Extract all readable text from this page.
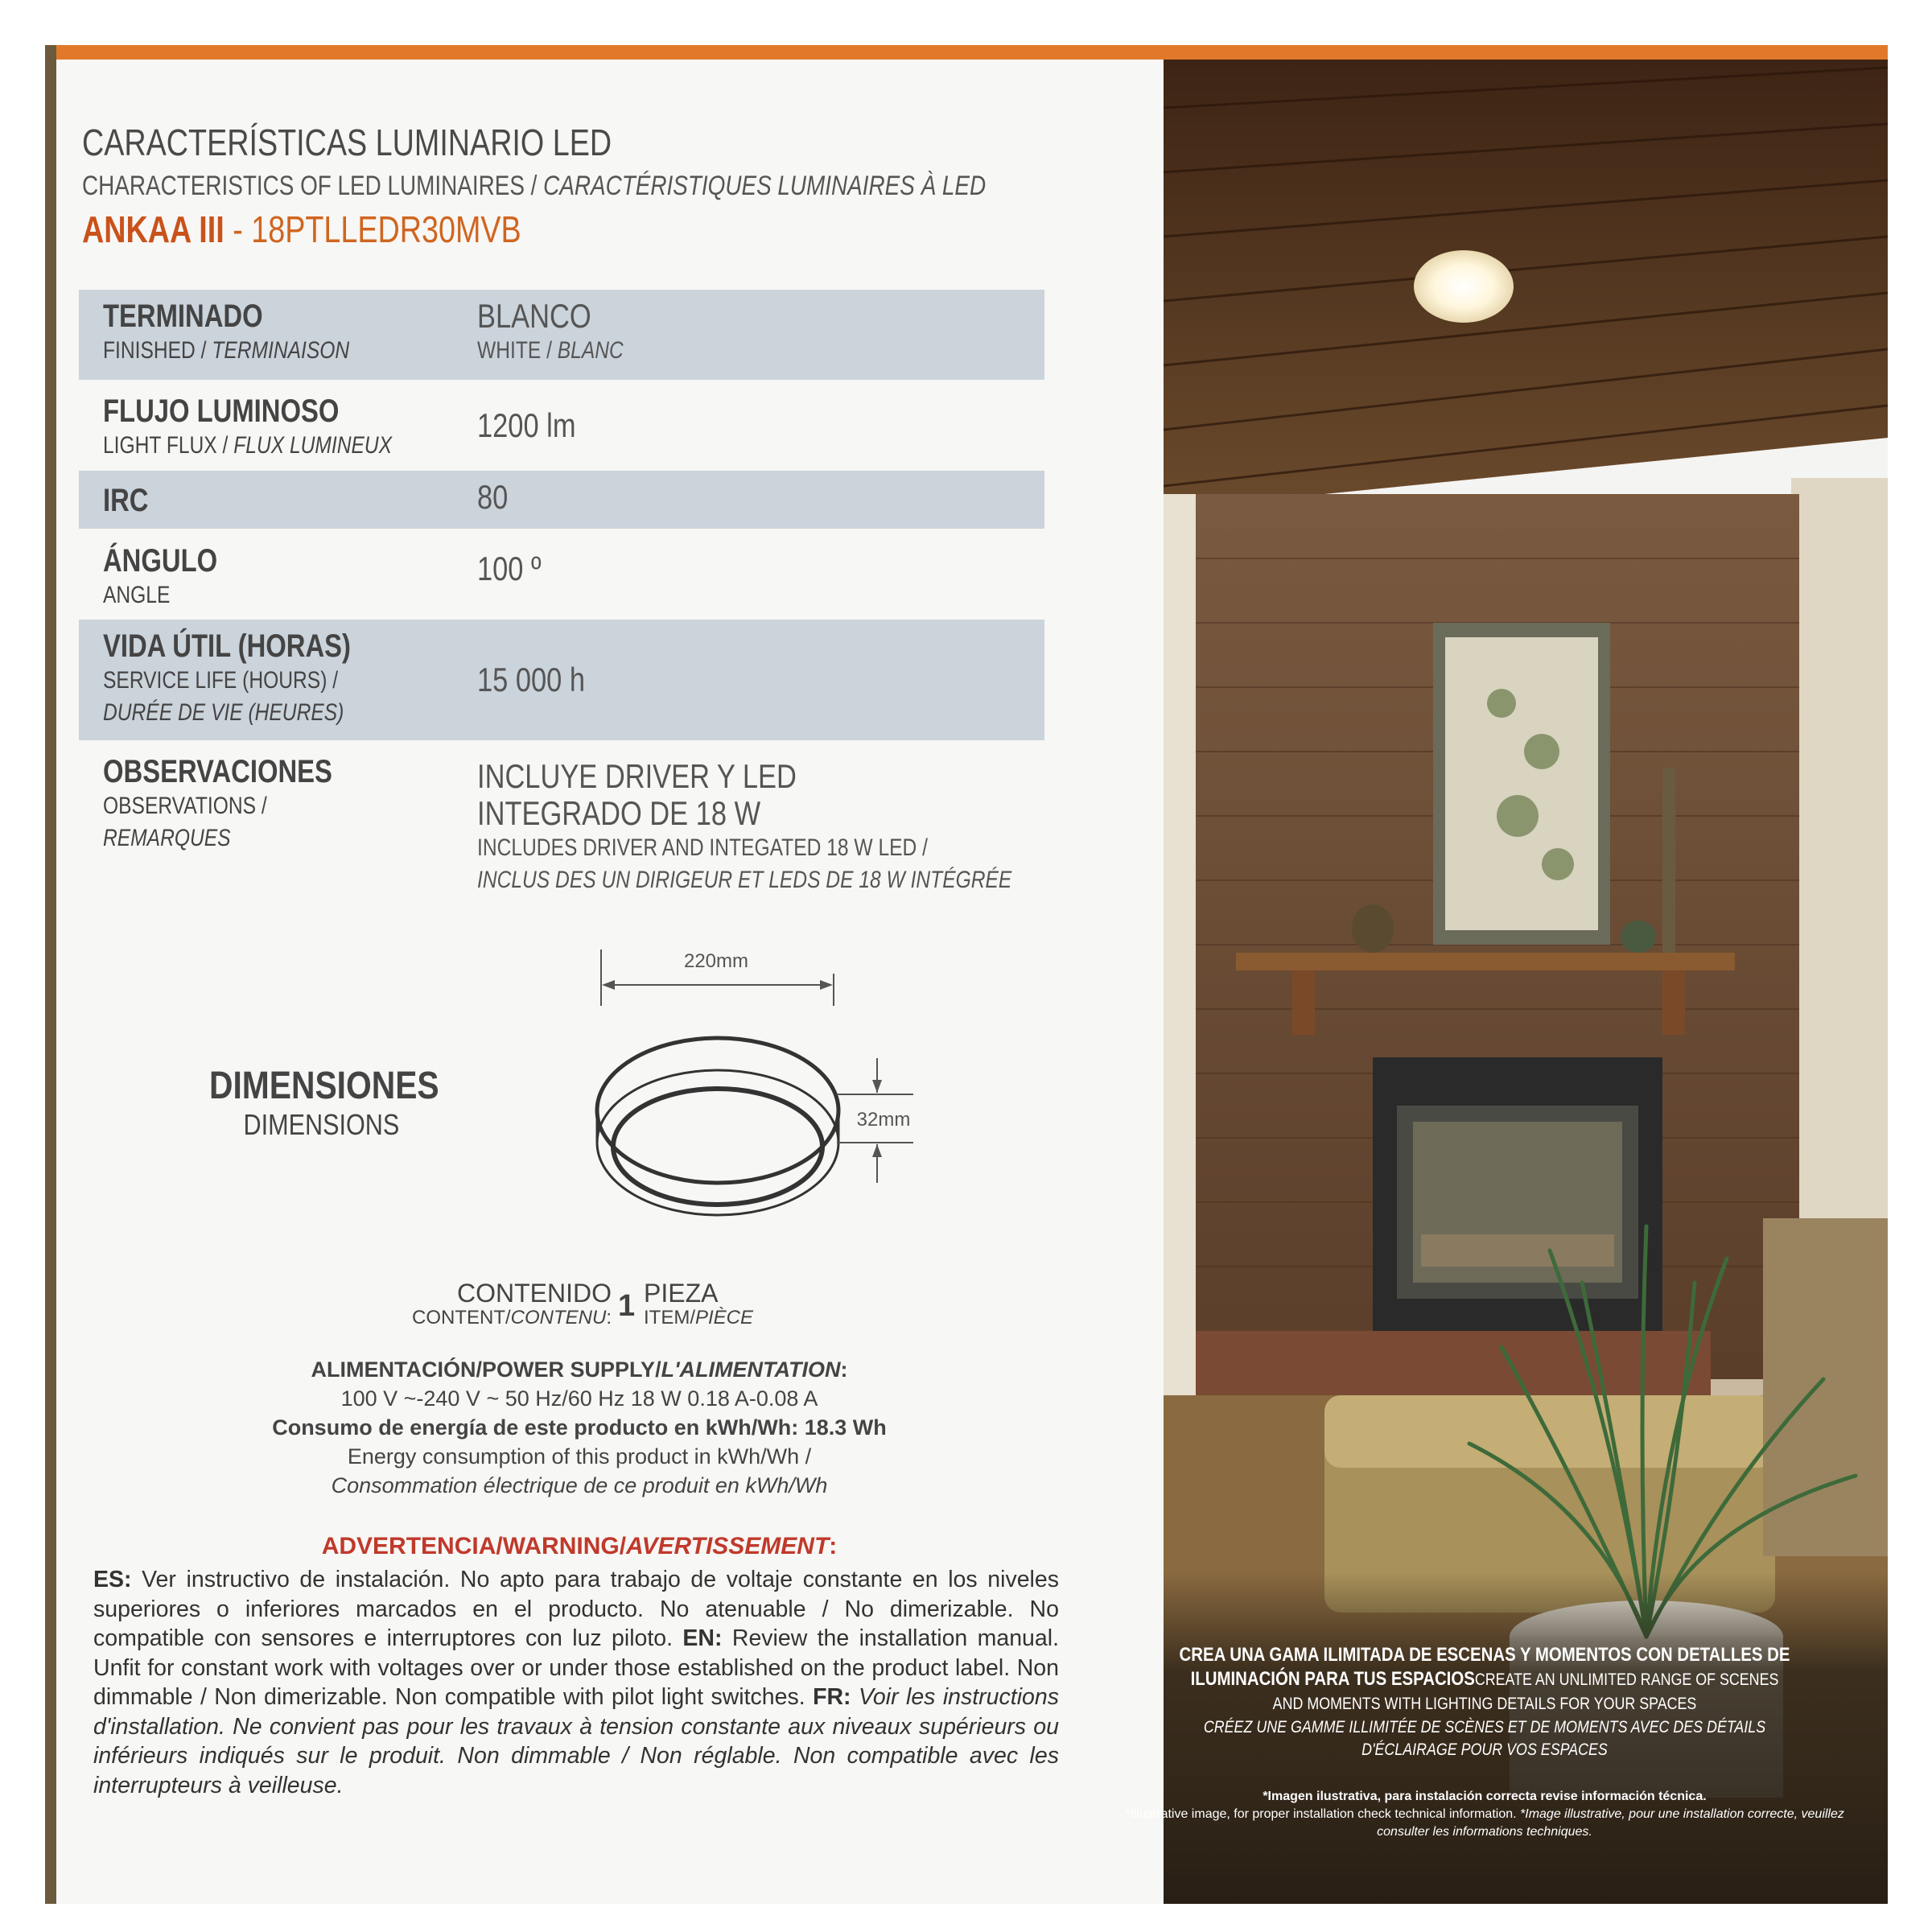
CARACTERÍSTICAS LUMINARIO LED
CHARACTERISTICS OF LED LUMINAIRES / CARACTÉRISTIQUES LUMINAIRES À LED
ANKAA III - 18PTLLEDR30MVB
TERMINADO
FINISHED / TERMINAISON
BLANCO
WHITE / BLANC
FLUJO LUMINOSO
LIGHT FLUX / FLUX LUMINEUX
1200 lm
IRC	80
ÁNGULO
ANGLE
100 º
VIDA ÚTIL (HORAS)
SERVICE LIFE (HOURS) /
DURÉE DE VIE (HEURES)
15 000 h
OBSERVACIONES
OBSERVATIONS /
REMARQUES
INCLUYE DRIVER Y LED
INTEGRADO DE 18 W
INCLUDES DRIVER AND INTEGATED 18 W LED /
INCLUS DES UN DIRIGEUR ET LEDS DE 18 W INTÉGRÉE
DIMENSIONES
DIMENSIONS
220mm
32mm
CONTENIDO
CONTENT/CONTENU: 1 PIEZA
ITEM/PIÈCE
ALIMENTACIÓN/POWER SUPPLY/L'ALIMENTATION:
100 V ~-240 V ~ 50 Hz/60 Hz 18 W 0.18 A-0.08 A
Consumo de energía de este producto en kWh/Wh: 18.3 Wh
Energy consumption of this product in kWh/Wh /
Consommation électrique de ce produit en kWh/Wh
ADVERTENCIA/WARNING/AVERTISSEMENT:
ES: Ver instructivo de instalación. No apto para trabajo de voltaje constante en los niveles superiores o inferiores marcados en el producto. No atenuable / No dimerizable. No compatible con sensores e interruptores con luz piloto. EN: Review the installation manual. Unfit for constant work with voltages over or under those established on the product label. Non dimmable / Non dimerizable. Non compatible with pilot light switches. FR: Voir les instructions d'installation. Ne convient pas pour les travaux à tension constante aux niveaux supérieurs ou inférieurs indiqués sur le produit. Non dimmable / Non réglable. Non compatible avec les interrupteurs à veilleuse.
CREA UNA GAMA ILIMITADA DE ESCENAS Y MOMENTOS CON DETALLES DE ILUMINACIÓN PARA TUS ESPACIOSCREATE AN UNLIMITED RANGE OF SCENES AND MOMENTS WITH LIGHTING DETAILS FOR YOUR SPACES
CRÉEZ UNE GAMME ILLIMITÉE DE SCÈNES ET DE MOMENTS AVEC DES DÉTAILS D'ÉCLAIRAGE POUR VOS ESPACES
*Imagen ilustrativa, para instalación correcta revise información técnica.
*Illustrative image, for proper installation check technical information. *Image illustrative, pour une installation correcte, veuillez consulter les informations techniques.
